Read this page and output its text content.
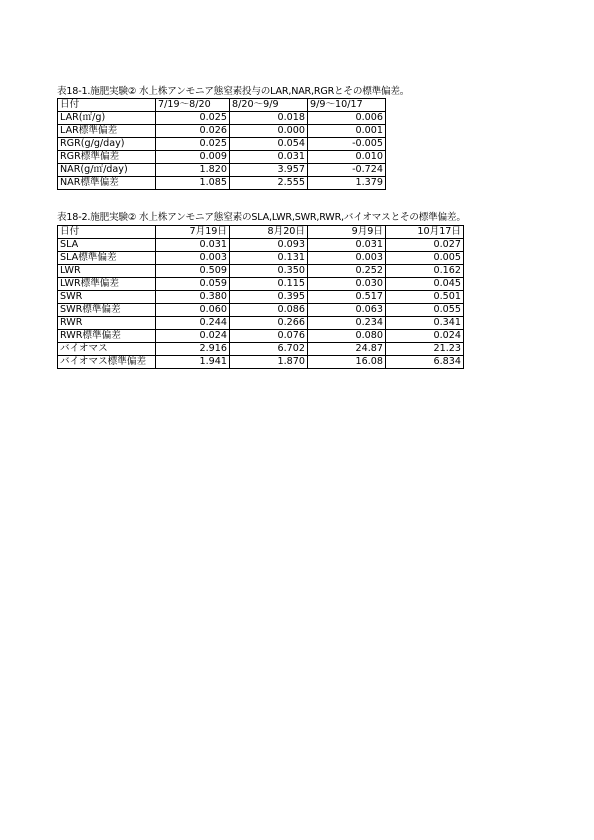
表18-1.施肥実験② 水上株アンモニア態窒素投与のLAR,NAR,RGRとその標準偏差。
日付	7/19〜8/20	8/20〜9/9	9/9〜10/17
LAR(㎡/g)	0.025	0.018	0.006
LAR標準偏差	0.026	0.000	0.001
RGR(g/g/day)	0.025	0.054	-0.005
RGR標準偏差	0.009	0.031	0.010
NAR(g/㎡/day)	1.820	3.957	-0.724
NAR標準偏差	1.085	2.555	1.379
表18-2.施肥実験② 水上株アンモニア態窒素のSLA,LWR,SWR,RWR,バイオマスとその標準偏差。
日付	7月19日	8月20日	9月9日	10月17日
SLA	0.031	0.093	0.031	0.027
SLA標準偏差	0.003	0.131	0.003	0.005
LWR	0.509	0.350	0.252	0.162
LWR標準偏差	0.059	0.115	0.030	0.045
SWR	0.380	0.395	0.517	0.501
SWR標準偏差	0.060	0.086	0.063	0.055
RWR	0.244	0.266	0.234	0.341
RWR標準偏差	0.024	0.076	0.080	0.024
バイオマス	2.916	6.702	24.87	21.23
バイオマス標準偏差	1.941	1.870	16.08	6.834
